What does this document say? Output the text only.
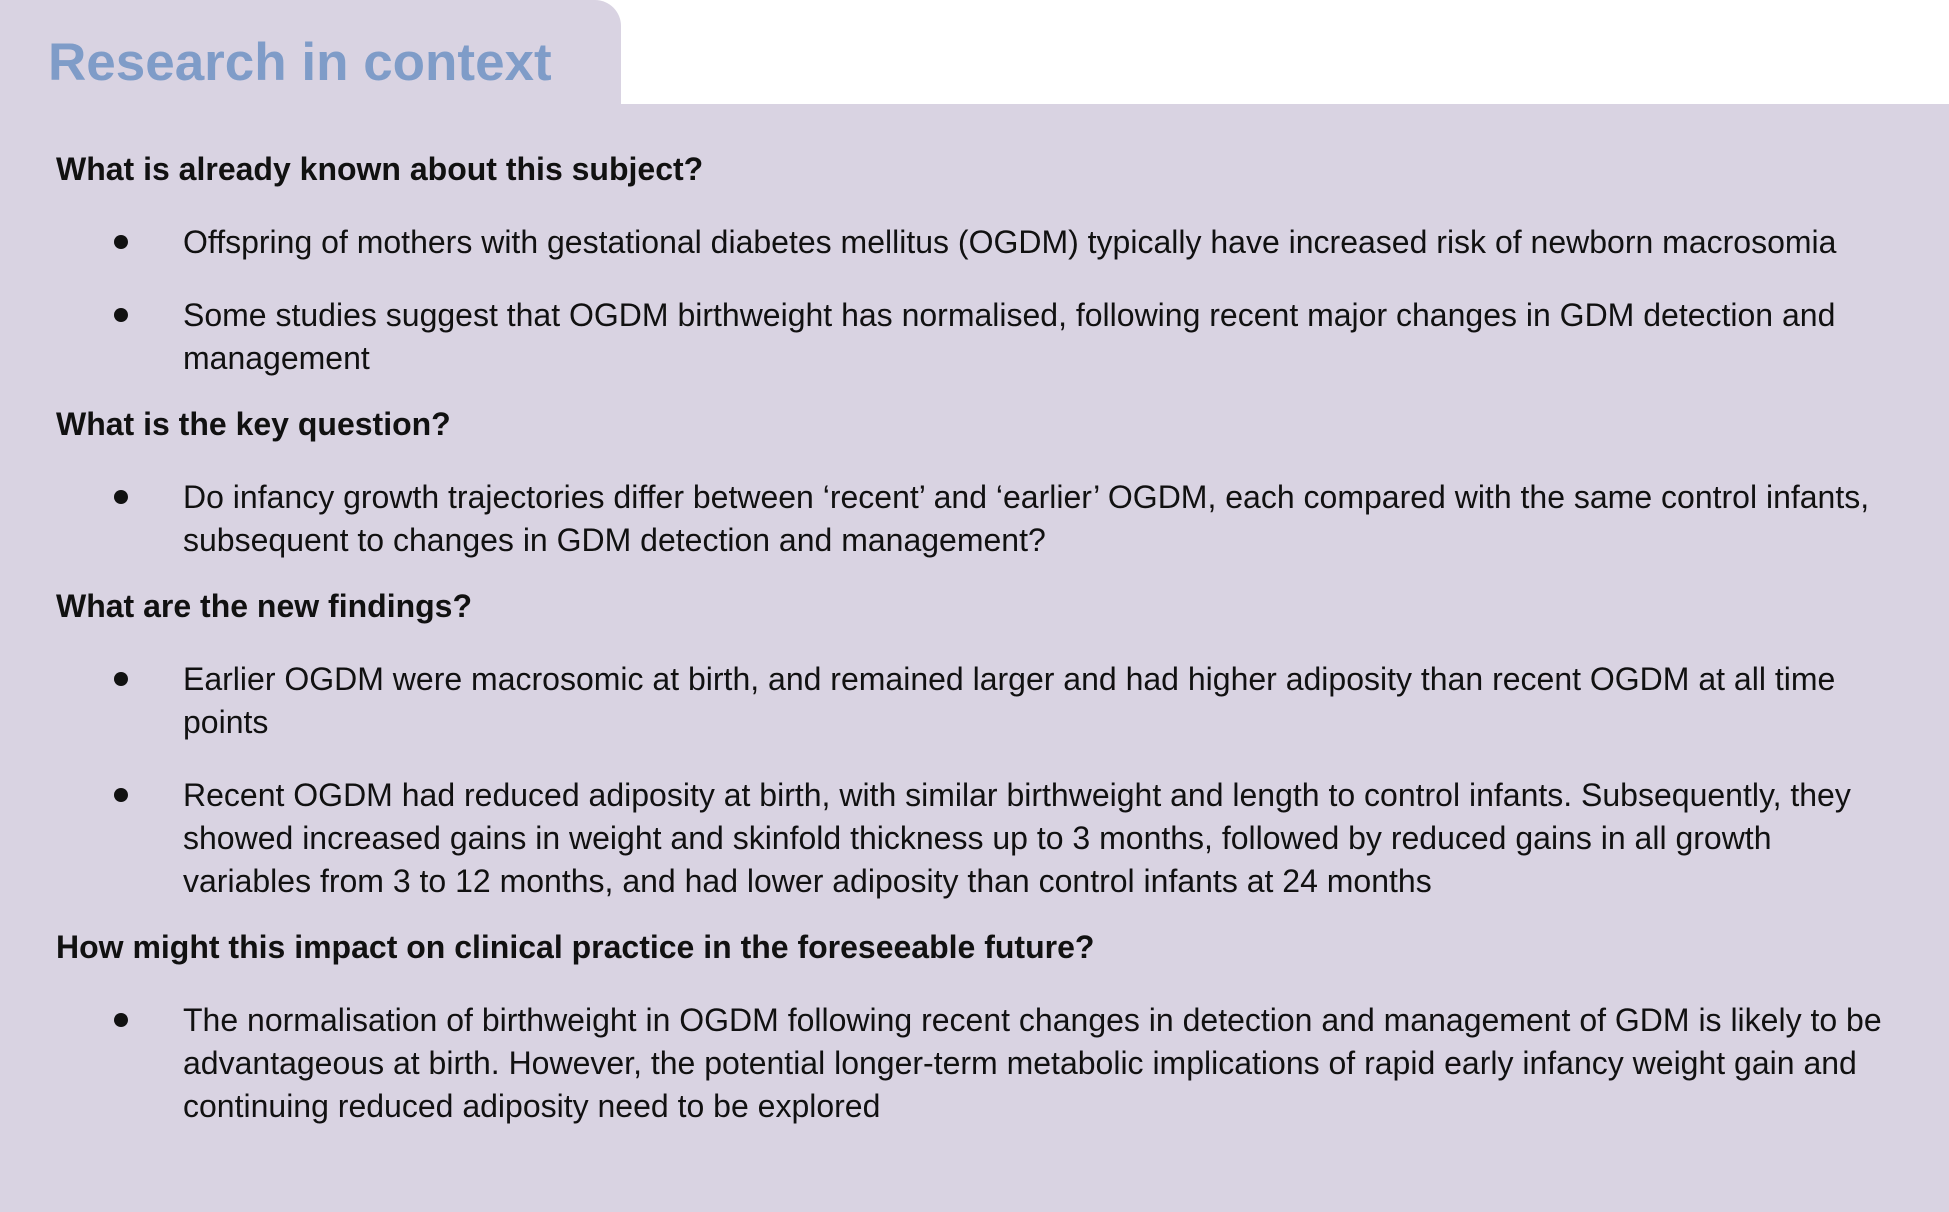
Research in context
What is already known about this subject?
Offspring of mothers with gestational diabetes mellitus (OGDM) typically have increased risk of newborn macrosomia
Some studies suggest that OGDM birthweight has normalised, following recent major changes in GDM detection and management
What is the key question?
Do infancy growth trajectories differ between ‘recent’ and ‘earlier’ OGDM, each compared with the same control infants, subsequent to changes in GDM detection and management?
What are the new findings?
Earlier OGDM were macrosomic at birth, and remained larger and had higher adiposity than recent OGDM at all time points
Recent OGDM had reduced adiposity at birth, with similar birthweight and length to control infants. Subsequently, they showed increased gains in weight and skinfold thickness up to 3 months, followed by reduced gains in all growth variables from 3 to 12 months, and had lower adiposity than control infants at 24 months
How might this impact on clinical practice in the foreseeable future?
The normalisation of birthweight in OGDM following recent changes in detection and management of GDM is likely to be advantageous at birth. However, the potential longer-term metabolic implications of rapid early infancy weight gain and continuing reduced adiposity need to be explored
